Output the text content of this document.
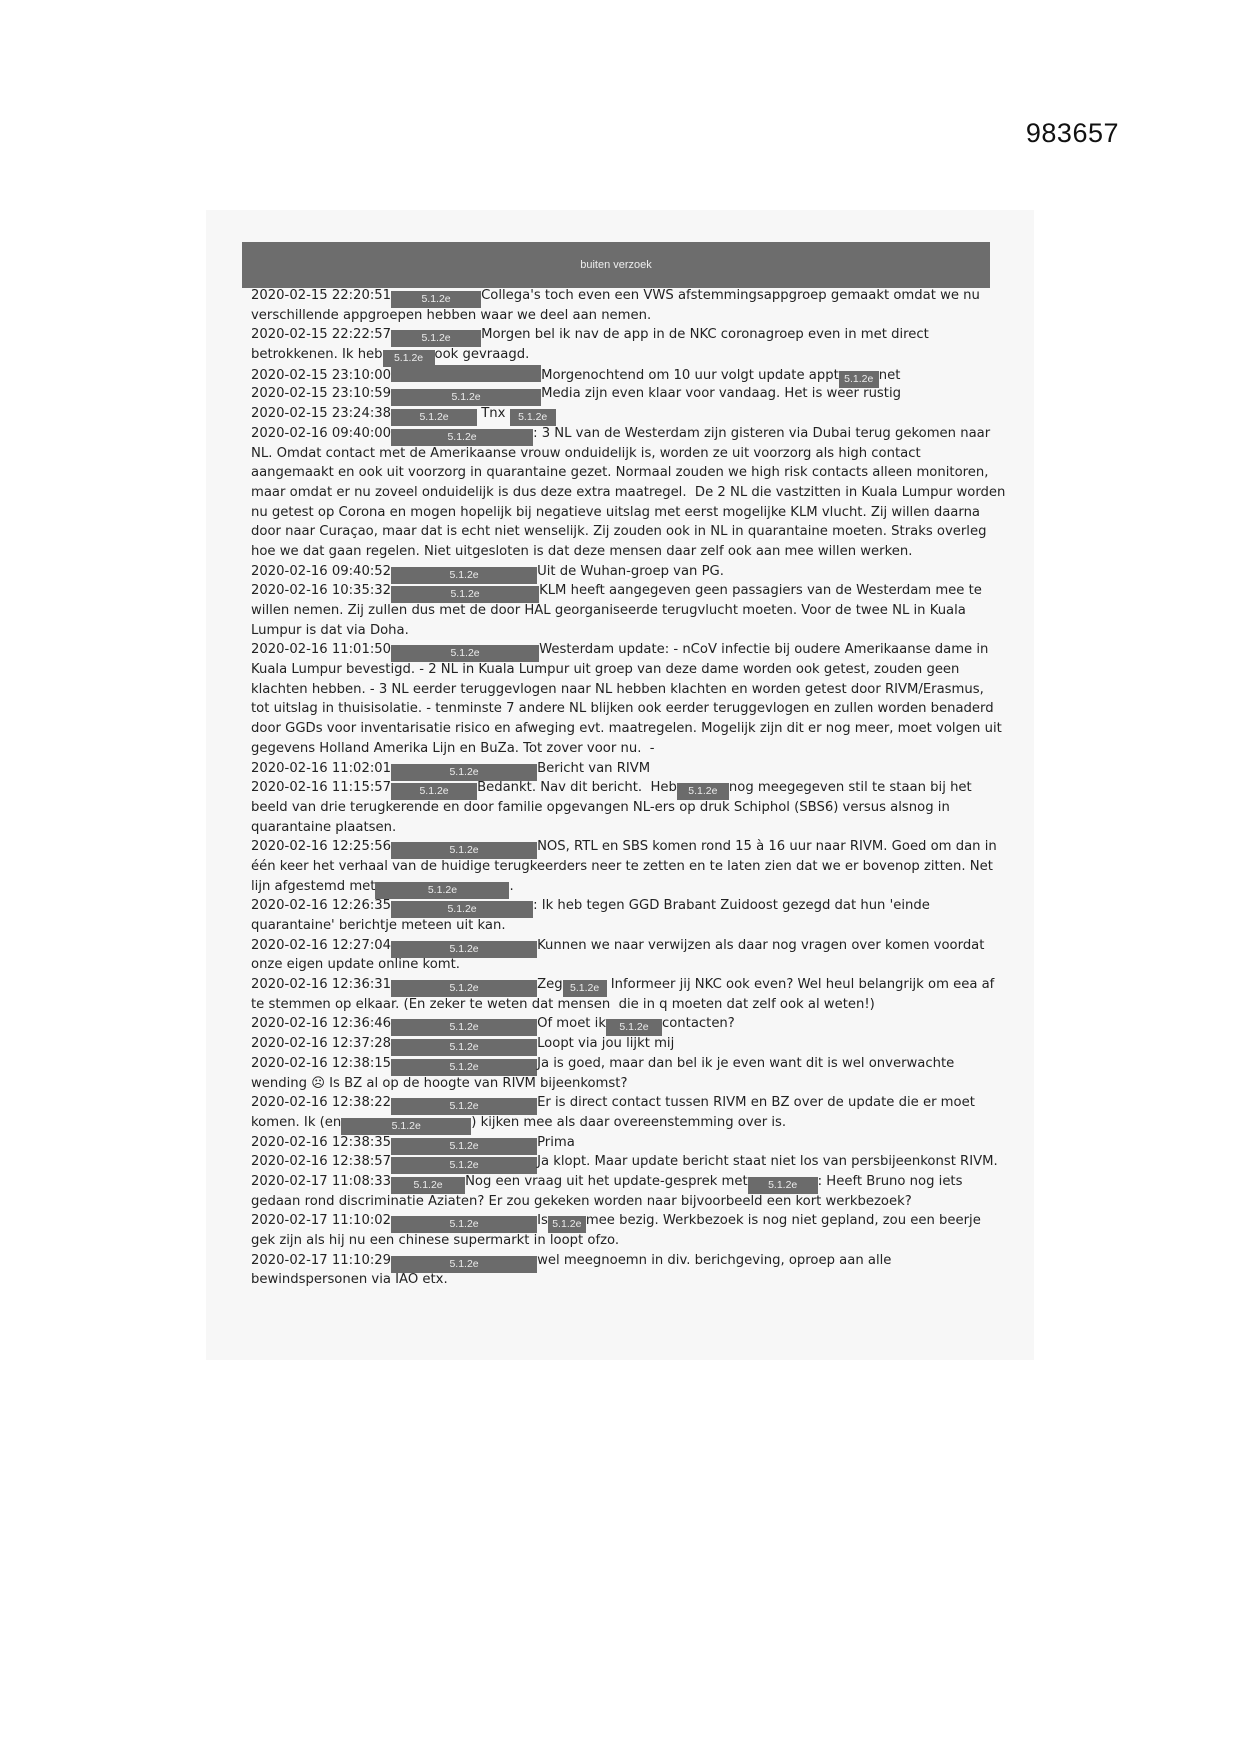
983657
buiten verzoek
2020-02-15 22:20:51	5.1.2e Collega's toch even een VWS afstemmingsappgroep gemaakt omdat we nu
verschillende appgroepen hebben waar we deel aan nemen.
2020-02-15 22:22:57	5.1.2e Morgen bel ik nav de app in de NKC coronagroep even in met direct
betrokkenen. Ik heb 5.1.2e ook gevraagd.
2020-02-15 23:10:00	Morgenochtend om 10 uur volgt update appt 5.1.2e net
2020-02-15 23:10:59	5.1.2e	Media zijn even klaar voor vandaag. Het is weer rustig
2020-02-15 23:24:38	5.1.2e Tnx 5.1.2e
2020-02-16 09:40:00	5.1.2e	: 3 NL van de Westerdam zijn gisteren via Dubai terug gekomen naar
NL. Omdat contact met de Amerikaanse vrouw onduidelijk is, worden ze uit voorzorg als high contact
aangemaakt en ook uit voorzorg in quarantaine gezet. Normaal zouden we high risk contacts alleen monitoren,
maar omdat er nu zoveel onduidelijk is dus deze extra maatregel.  De 2 NL die vastzitten in Kuala Lumpur worden
nu getest op Corona en mogen hopelijk bij negatieve uitslag met eerst mogelijke KLM vlucht. Zij willen daarna
door naar Curaçao, maar dat is echt niet wenselijk. Zij zouden ook in NL in quarantaine moeten. Straks overleg
hoe we dat gaan regelen. Niet uitgesloten is dat deze mensen daar zelf ook aan mee willen werken.
2020-02-16 09:40:52	5.1.2e	Uit de Wuhan-groep van PG.
2020-02-16 10:35:32	5.1.2e	KLM heeft aangegeven geen passagiers van de Westerdam mee te
willen nemen. Zij zullen dus met de door HAL georganiseerde terugvlucht moeten. Voor de twee NL in Kuala
Lumpur is dat via Doha.
2020-02-16 11:01:50	5.1.2e	Westerdam update: - nCoV infectie bij oudere Amerikaanse dame in
Kuala Lumpur bevestigd. - 2 NL in Kuala Lumpur uit groep van deze dame worden ook getest, zouden geen
klachten hebben. - 3 NL eerder teruggevlogen naar NL hebben klachten en worden getest door RIVM/Erasmus,
tot uitslag in thuisisolatie. - tenminste 7 andere NL blijken ook eerder teruggevlogen en zullen worden benaderd
door GGDs voor inventarisatie risico en afweging evt. maatregelen. Mogelijk zijn dit er nog meer, moet volgen uit
gegevens Holland Amerika Lijn en BuZa. Tot zover voor nu.  -
2020-02-16 11:02:01	5.1.2e	Bericht van RIVM
2020-02-16 11:15:57	5.1.2e Bedankt. Nav dit bericht.  Heb 5.1.2e nog meegegeven stil te staan bij het
beeld van drie terugkerende en door familie opgevangen NL-ers op druk Schiphol (SBS6) versus alsnog in
quarantaine plaatsen.
2020-02-16 12:25:56	5.1.2e	NOS, RTL en SBS komen rond 15 à 16 uur naar RIVM. Goed om dan in
één keer het verhaal van de huidige terugkeerders neer te zetten en te laten zien dat we er bovenop zitten. Net
lijn afgestemd met	5.1.2e	.
2020-02-16 12:26:35	5.1.2e	: Ik heb tegen GGD Brabant Zuidoost gezegd dat hun 'einde
quarantaine' berichtje meteen uit kan.
2020-02-16 12:27:04	5.1.2e	Kunnen we naar verwijzen als daar nog vragen over komen voordat
onze eigen update online komt.
2020-02-16 12:36:31	5.1.2e	Zeg 5.1.2e Informeer jij NKC ook even? Wel heul belangrijk om eea af
te stemmen op elkaar. (En zeker te weten dat mensen  die in q moeten dat zelf ook al weten!)
2020-02-16 12:36:46	5.1.2e	Of moet ik 5.1.2e contacten?
2020-02-16 12:37:28	5.1.2e	Loopt via jou lijkt mij
2020-02-16 12:38:15	5.1.2e	Ja is goed, maar dan bel ik je even want dit is wel onverwachte
wending ☹ Is BZ al op de hoogte van RIVM bijeenkomst?
2020-02-16 12:38:22	5.1.2e	Er is direct contact tussen RIVM en BZ over de update die er moet
komen. Ik (en	5.1.2e	) kijken mee als daar overeenstemming over is.
2020-02-16 12:38:35	5.1.2e	Prima
2020-02-16 12:38:57	5.1.2e	Ja klopt. Maar update bericht staat niet los van persbijeenkonst RIVM.
2020-02-17 11:08:33 5.1.2e Nog een vraag uit het update-gesprek met 5.1.2e : Heeft Bruno nog iets
gedaan rond discriminatie Aziaten? Er zou gekeken worden naar bijvoorbeeld een kort werkbezoek?
2020-02-17 11:10:02	5.1.2e	Is 5.1.2e mee bezig. Werkbezoek is nog niet gepland, zou een beerje
gek zijn als hij nu een chinese supermarkt in loopt ofzo.
2020-02-17 11:10:29	5.1.2e	wel meegnoemn in div. berichgeving, oproep aan alle
bewindspersonen via IAO etx.
